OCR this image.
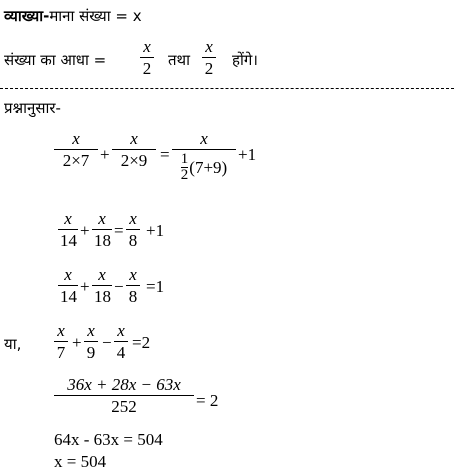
व्याख्या-माना संख्या = x
संख्या का आधा =
x
2 तथा
x
2 होंगे।
प्रश्नानुसार-
x
2×7 +
x
2×9 =
x
1
2 (7+9)
+1
x
14
+
x
18
=
x
8
+1
x
14
+
x
18
−
x
8
=1
या,
x
7
+
x
9
−
x
4
=2
36x + 28x − 63x
252	= 2
64x - 63x = 504
x = 504
